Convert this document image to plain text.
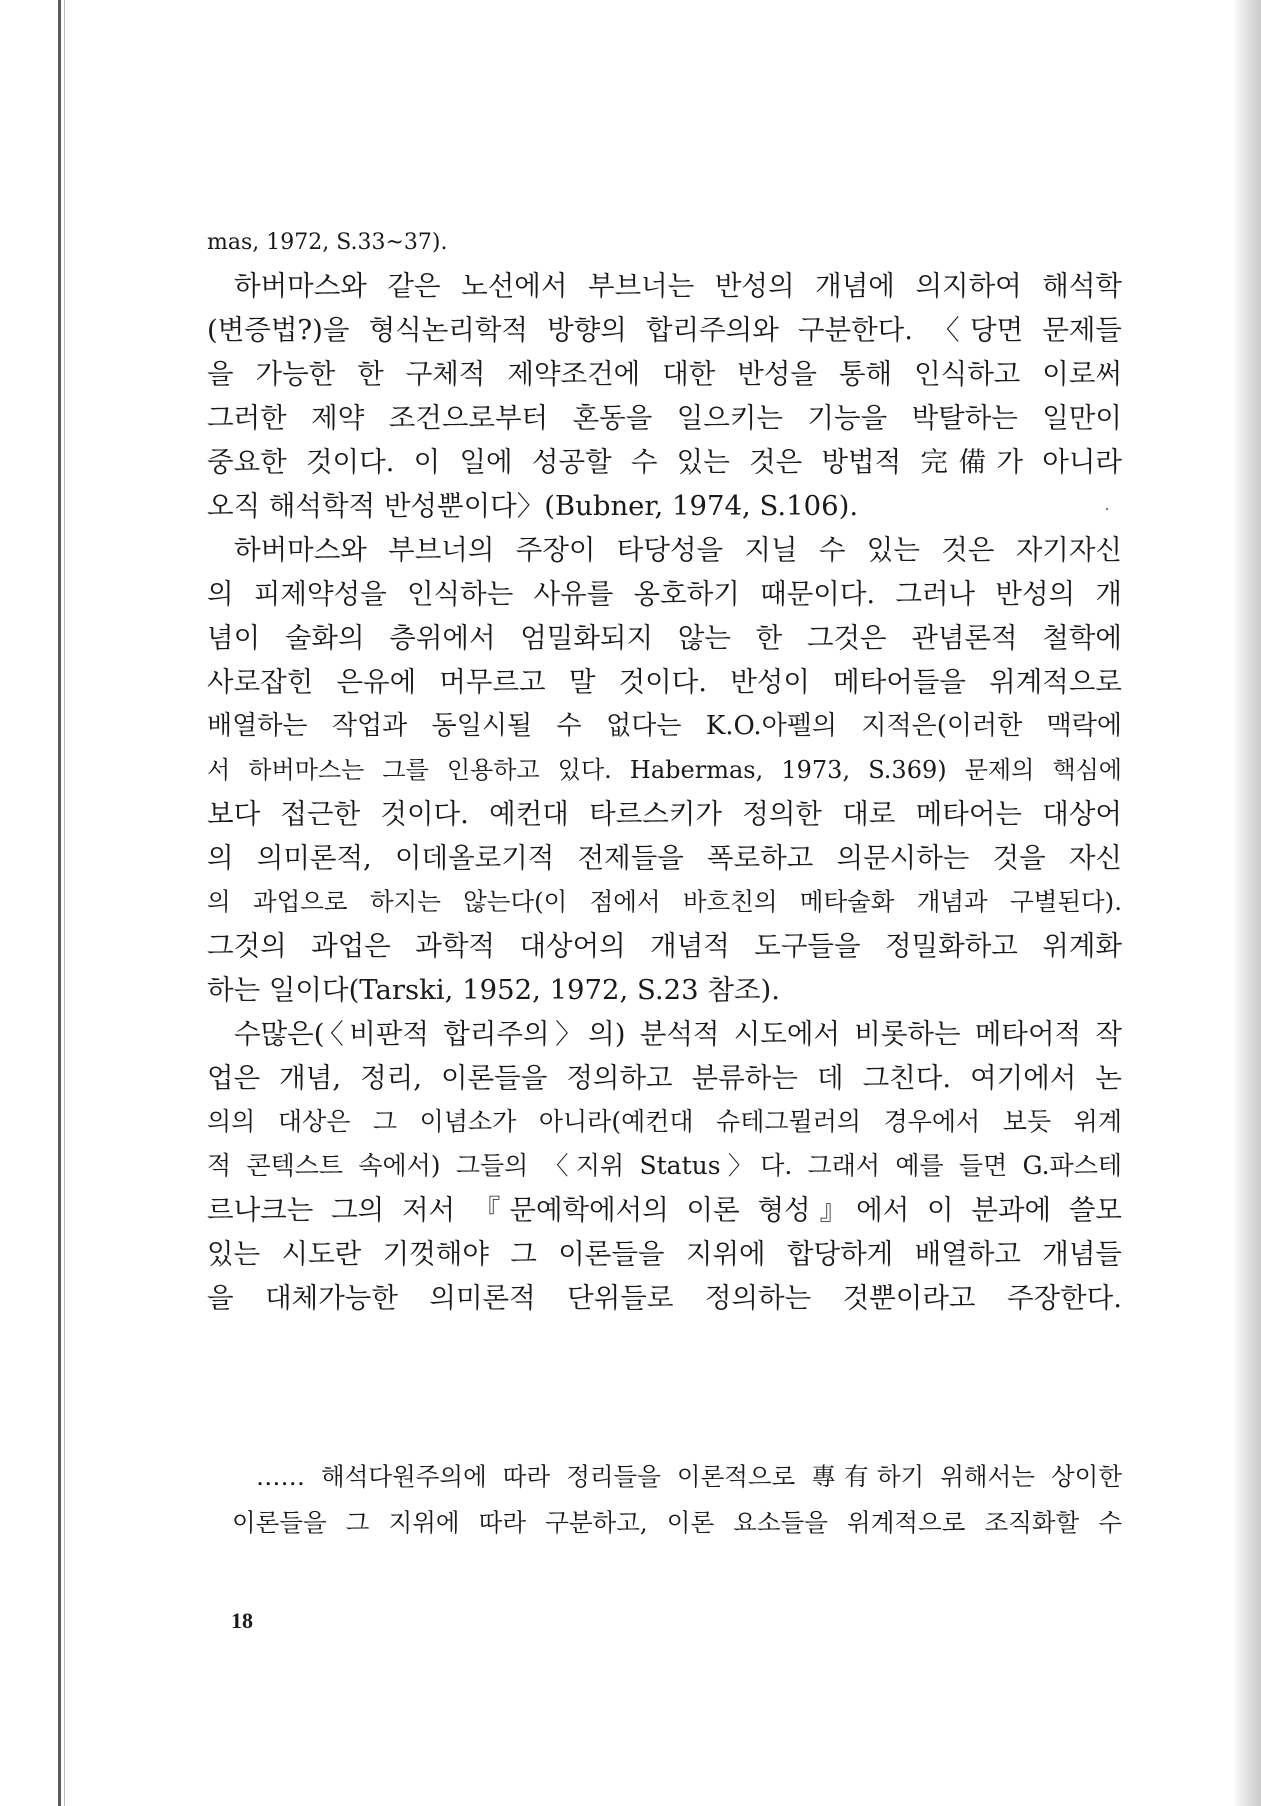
mas, 1972, S.33~37).
하버마스와 같은 노선에서 부브너는 반성의 개념에 의지하여 해석학
(변증법?)을 형식논리학적 방향의 합리주의와 구분한다. 〈당면 문제들
을 가능한 한 구체적 제약조건에 대한 반성을 통해 인식하고 이로써
그러한 제약 조건으로부터 혼동을 일으키는 기능을 박탈하는 일만이
중요한 것이다. 이 일에 성공할 수 있는 것은 방법적 完備가 아니라
오직 해석학적 반성뿐이다〉(Bubner, 1974, S.106).
하버마스와 부브너의 주장이 타당성을 지닐 수 있는 것은 자기자신
의 피제약성을 인식하는 사유를 옹호하기 때문이다. 그러나 반성의 개
념이 술화의 층위에서 엄밀화되지 않는 한 그것은 관념론적 철학에
사로잡힌 은유에 머무르고 말 것이다. 반성이 메타어들을 위계적으로
배열하는 작업과 동일시될 수 없다는 K.O.아펠의 지적은(이러한 맥락에
서 하버마스는 그를 인용하고 있다. Habermas, 1973, S.369) 문제의 핵심에
보다 접근한 것이다. 예컨대 타르스키가 정의한 대로 메타어는 대상어
의 의미론적, 이데올로기적 전제들을 폭로하고 의문시하는 것을 자신
의 과업으로 하지는 않는다(이 점에서 바흐친의 메타술화 개념과 구별된다).
그것의 과업은 과학적 대상어의 개념적 도구들을 정밀화하고 위계화
하는 일이다(Tarski, 1952, 1972, S.23 참조).
수많은(〈비판적 합리주의〉의) 분석적 시도에서 비롯하는 메타어적 작
업은 개념, 정리, 이론들을 정의하고 분류하는 데 그친다. 여기에서 논
의의 대상은 그 이념소가 아니라(예컨대 슈테그뮐러의 경우에서 보듯 위계
적 콘텍스트 속에서) 그들의 〈지위 Status〉다. 그래서 예를 들면 G.파스테
르나크는 그의 저서 『문예학에서의 이론 형성』에서 이 분과에 쓸모
있는 시도란 기껏해야 그 이론들을 지위에 합당하게 배열하고 개념들
을 대체가능한 의미론적 단위들로 정의하는 것뿐이라고 주장한다.
…… 해석다원주의에 따라 정리들을 이론적으로 專有하기 위해서는 상이한
이론들을 그 지위에 따라 구분하고, 이론 요소들을 위계적으로 조직화할 수
18
